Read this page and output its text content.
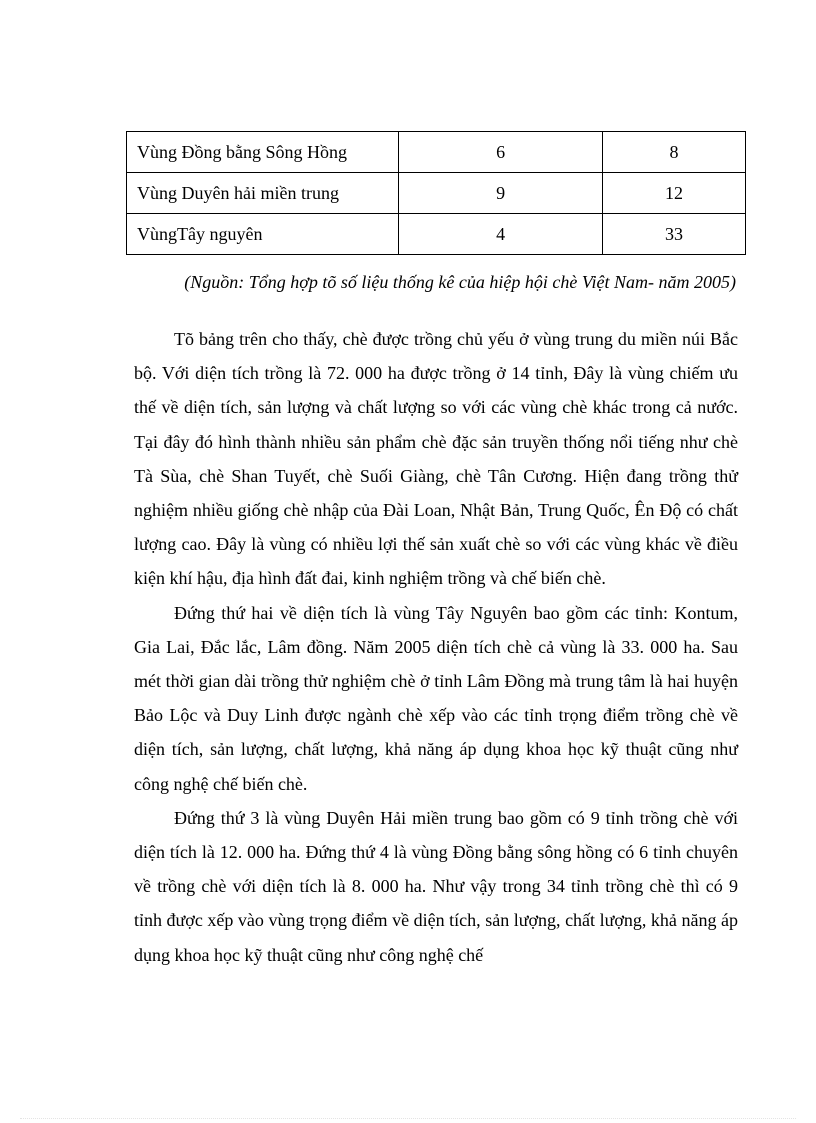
Vùng Đồng bằng Sông Hồng	6	8
Vùng Duyên hải miền trung	9	12
VùngTây nguyên	4	33
(Nguồn: Tổng hợp tõ số liệu thống kê của hiệp hội chè Việt Nam- năm 2005)

Tõ bảng trên cho thấy, chè được trồng chủ yếu ở vùng trung du miền núi Bắc bộ. Với diện tích trồng là 72. 000 ha được trồng ở 14 tỉnh, Đây là vùng chiếm ưu thế về diện tích, sản lượng và chất lượng so với các vùng chè khác trong cả nước. Tại đây đó hình thành nhiều sản phẩm chè đặc sản truyền thống nổi tiếng như chè Tà Sùa, chè Shan Tuyết, chè Suối Giàng, chè Tân Cương. Hiện đang trồng thử nghiệm nhiều giống chè nhập của Đài Loan, Nhật Bản, Trung Quốc, Ên Độ có chất lượng cao. Đây là vùng có nhiều lợi thế sản xuất chè so với các vùng khác về điều kiện khí hậu, địa hình đất đai, kinh nghiệm trồng và chế biến chè.

Đứng thứ hai về diện tích là vùng Tây Nguyên bao gồm các tỉnh: Kontum, Gia Lai, Đắc lắc, Lâm đồng. Năm 2005 diện tích chè cả vùng là 33. 000 ha. Sau mét thời gian dài trồng thử nghiệm chè ở tỉnh Lâm Đồng mà trung tâm là hai huyện Bảo Lộc và Duy Linh được ngành chè xếp vào các tỉnh trọng điểm trồng chè về diện tích, sản lượng, chất lượng, khả năng áp dụng khoa học kỹ thuật cũng như công nghệ chế biến chè.

Đứng thứ 3 là vùng Duyên Hải miền trung bao gồm có 9 tỉnh trồng chè với diện tích là 12. 000 ha. Đứng thứ 4 là vùng Đồng bằng sông hồng có 6 tỉnh chuyên về trồng chè với diện tích là 8. 000 ha. Như vậy trong 34 tỉnh trồng chè thì có 9 tỉnh được xếp vào vùng trọng điểm về diện tích, sản lượng, chất lượng, khả năng áp dụng khoa học kỹ thuật cũng như công nghệ chế
